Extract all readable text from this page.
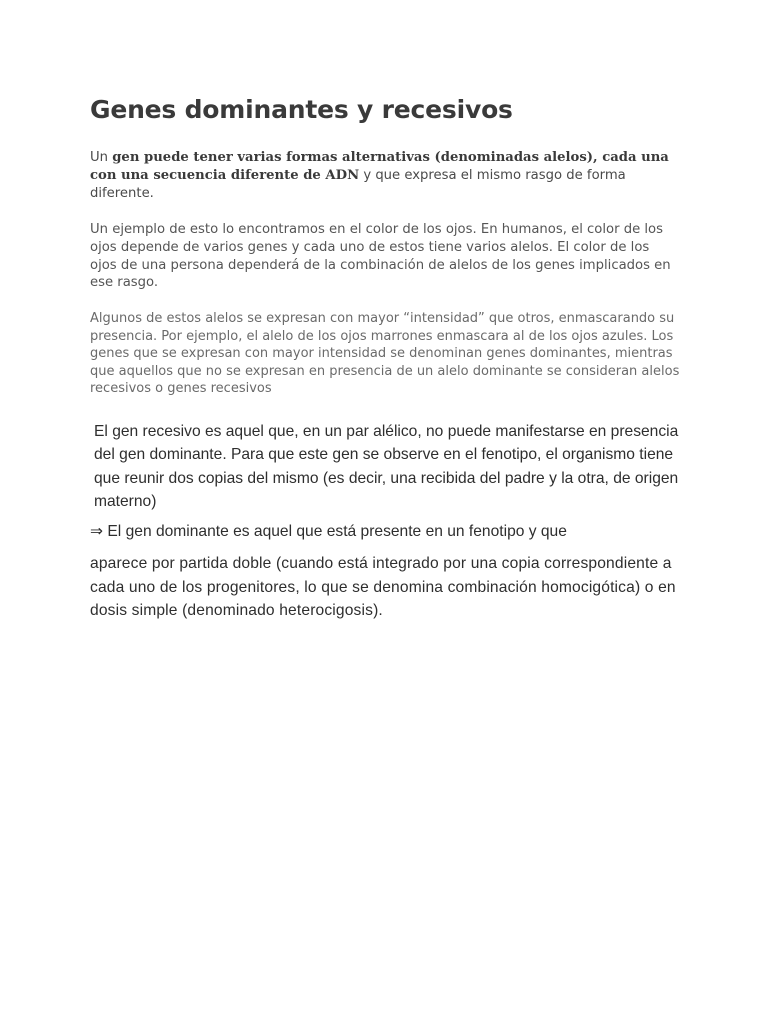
Genes dominantes y recesivos

Un gen puede tener varias formas alternativas (denominadas alelos), cada una con una secuencia diferente de ADN y que expresa el mismo rasgo de forma diferente.

Un ejemplo de esto lo encontramos en el color de los ojos. En humanos, el color de los ojos depende de varios genes y cada uno de estos tiene varios alelos. El color de los ojos de una persona dependerá de la combinación de alelos de los genes implicados en ese rasgo.

Algunos de estos alelos se expresan con mayor “intensidad” que otros, enmascarando su presencia. Por ejemplo, el alelo de los ojos marrones enmascara al de los ojos azules. Los genes que se expresan con mayor intensidad se denominan genes dominantes, mientras que aquellos que no se expresan en presencia de un alelo dominante se consideran alelos recesivos o genes recesivos

El gen recesivo es aquel que, en un par alélico, no puede manifestarse en presencia del gen dominante. Para que este gen se observe en el fenotipo, el organismo tiene que reunir dos copias del mismo (es decir, una recibida del padre y la otra, de origen materno)

⇒ El gen dominante es aquel que está presente en un fenotipo y que

aparece por partida doble (cuando está integrado por una copia correspondiente a cada uno de los progenitores, lo que se denomina combinación homocigótica) o en dosis simple (denominado heterocigosis).
